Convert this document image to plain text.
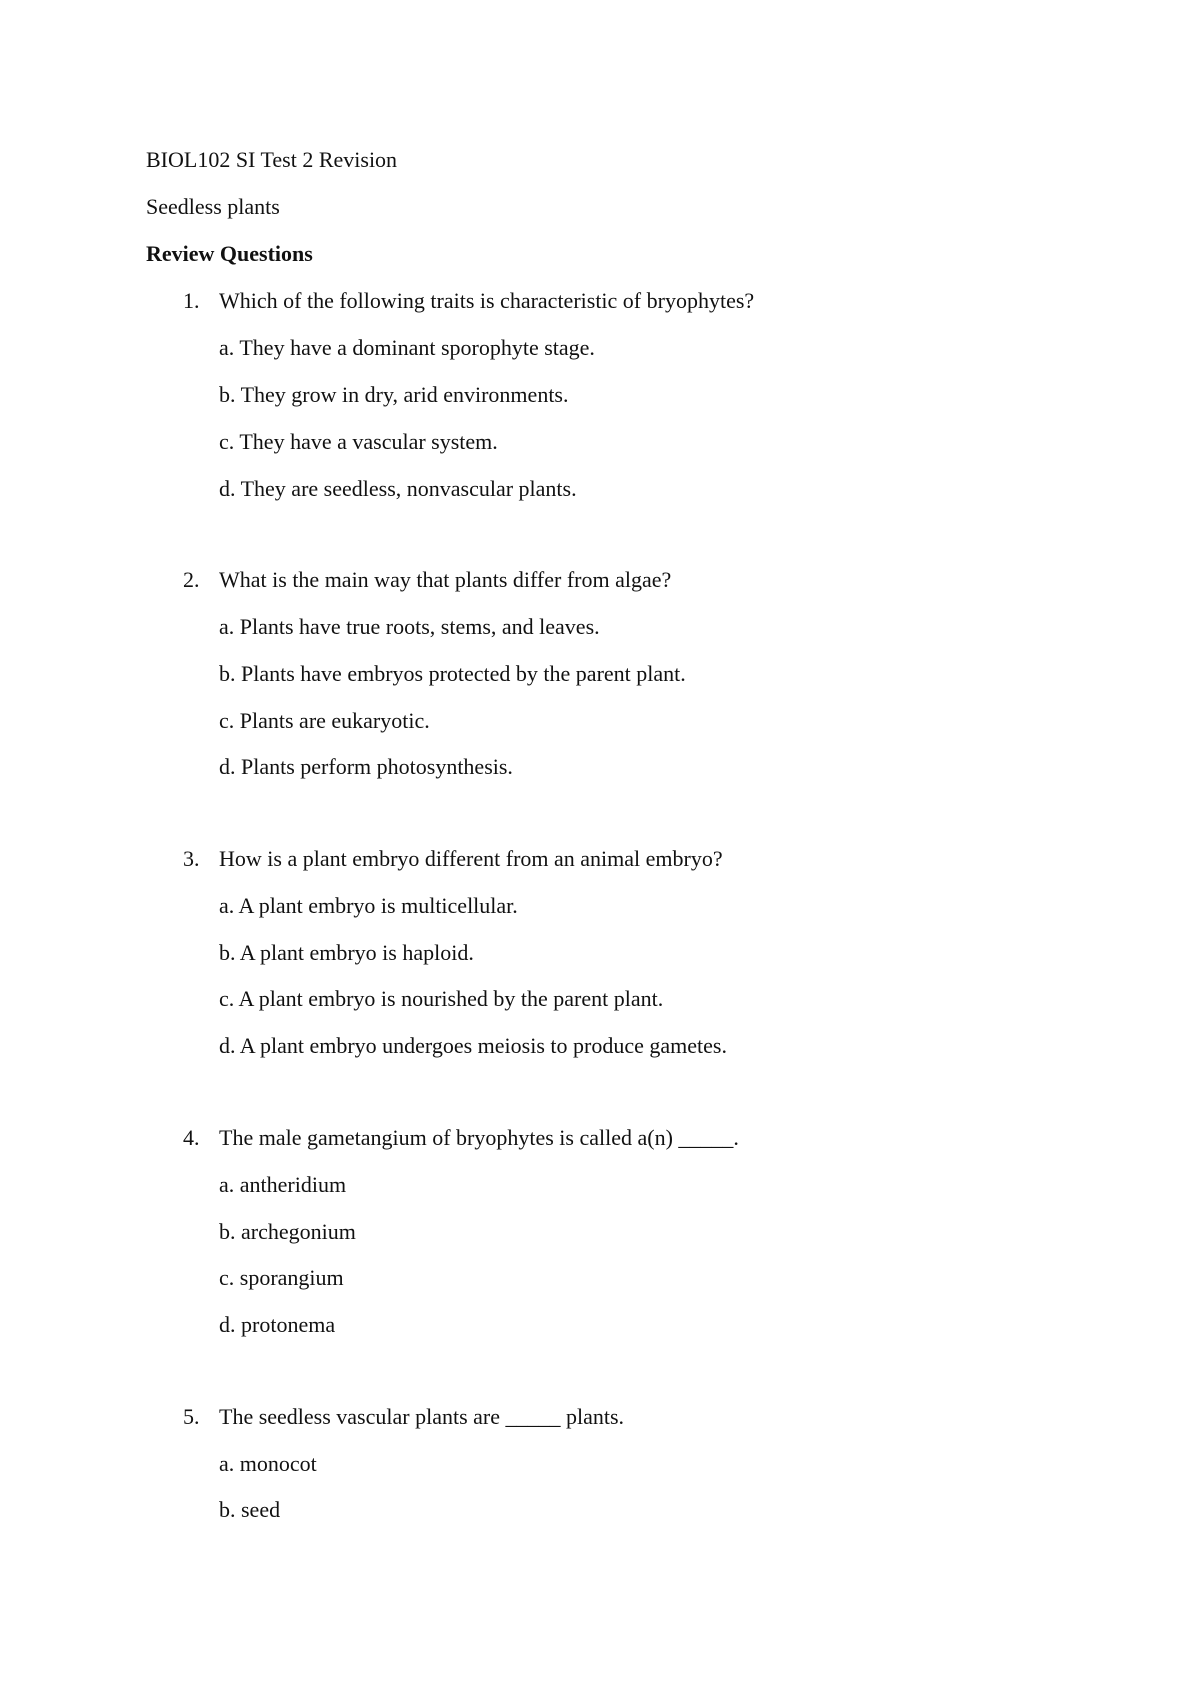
BIOL102 SI Test 2 Revision
Seedless plants
Review Questions
1. Which of the following traits is characteristic of bryophytes?
a. They have a dominant sporophyte stage.
b. They grow in dry, arid environments.
c. They have a vascular system.
d. They are seedless, nonvascular plants.
2. What is the main way that plants differ from algae?
a. Plants have true roots, stems, and leaves.
b. Plants have embryos protected by the parent plant.
c. Plants are eukaryotic.
d. Plants perform photosynthesis.
3. How is a plant embryo different from an animal embryo?
a. A plant embryo is multicellular.
b. A plant embryo is haploid.
c. A plant embryo is nourished by the parent plant.
d. A plant embryo undergoes meiosis to produce gametes.
4. The male gametangium of bryophytes is called a(n) _____.
a. antheridium
b. archegonium
c. sporangium
d. protonema
5. The seedless vascular plants are _____ plants.
a. monocot
b. seed
